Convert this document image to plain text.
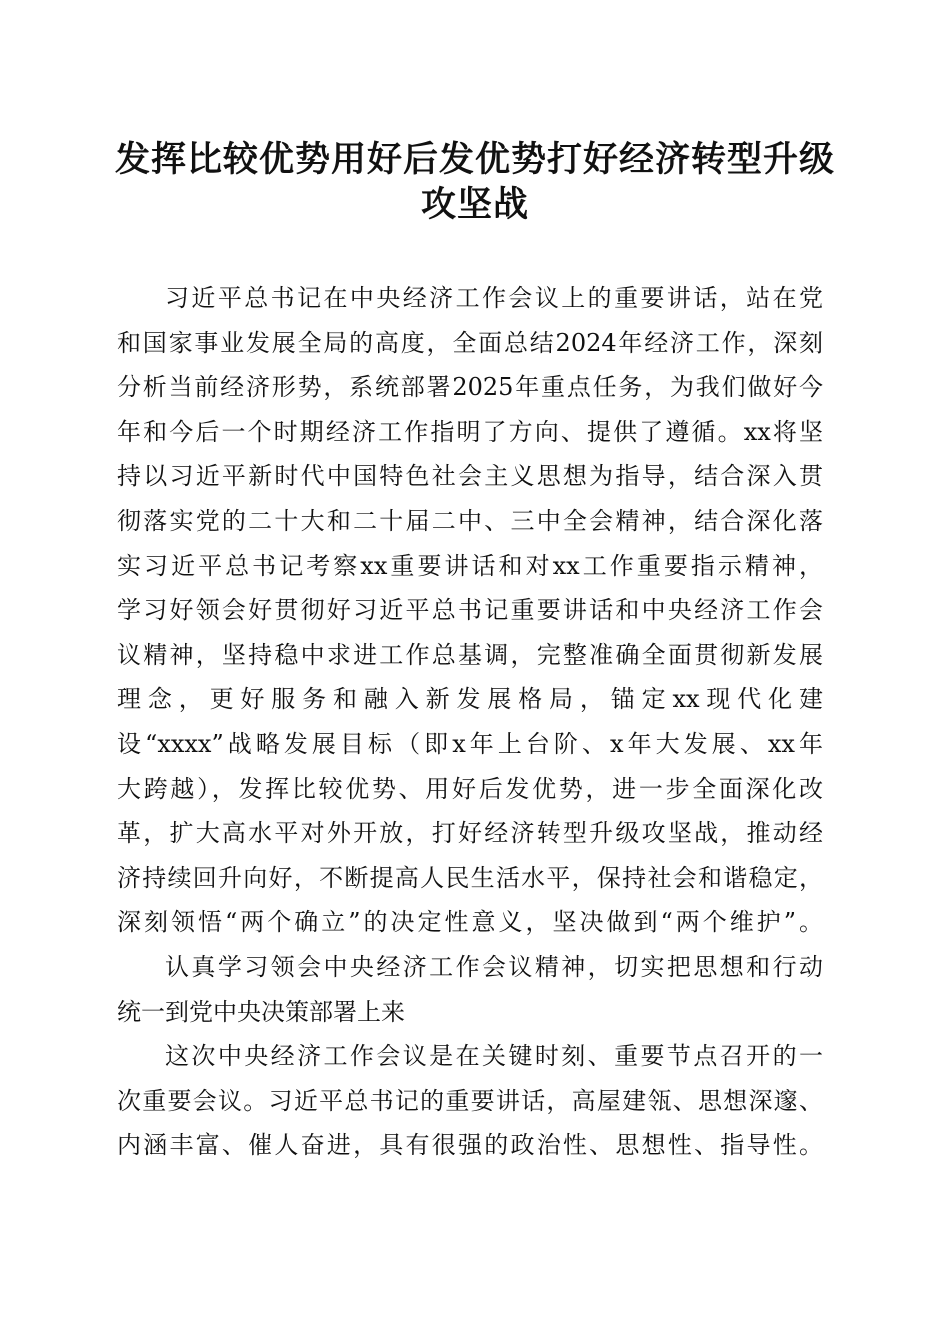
发挥比较优势用好后发优势打好经济转型升级
攻坚战
习近平总书记在中央经济工作会议上的重要讲话，站在党
和国家事业发展全局的高度，全面总结2024年经济工作，深刻
分析当前经济形势，系统部署2025年重点任务，为我们做好今
年和今后一个时期经济工作指明了方向、提供了遵循。xx将坚
持以习近平新时代中国特色社会主义思想为指导，结合深入贯
彻落实党的二十大和二十届二中、三中全会精神，结合深化落
实习近平总书记考察xx重要讲话和对xx工作重要指示精神，
学习好领会好贯彻好习近平总书记重要讲话和中央经济工作会
议精神，坚持稳中求进工作总基调，完整准确全面贯彻新发展
理念，更好服务和融入新发展格局，锚定xx现代化建
设“xxxx”战略发展目标（即x年上台阶、x年大发展、xx年
大跨越），发挥比较优势、用好后发优势，进一步全面深化改
革，扩大高水平对外开放，打好经济转型升级攻坚战，推动经
济持续回升向好，不断提高人民生活水平，保持社会和谐稳定，
深刻领悟“两个确立”的决定性意义，坚决做到“两个维护”。
认真学习领会中央经济工作会议精神，切实把思想和行动
统一到党中央决策部署上来
这次中央经济工作会议是在关键时刻、重要节点召开的一
次重要会议。习近平总书记的重要讲话，高屋建瓴、思想深邃、
内涵丰富、催人奋进，具有很强的政治性、思想性、指导性。
